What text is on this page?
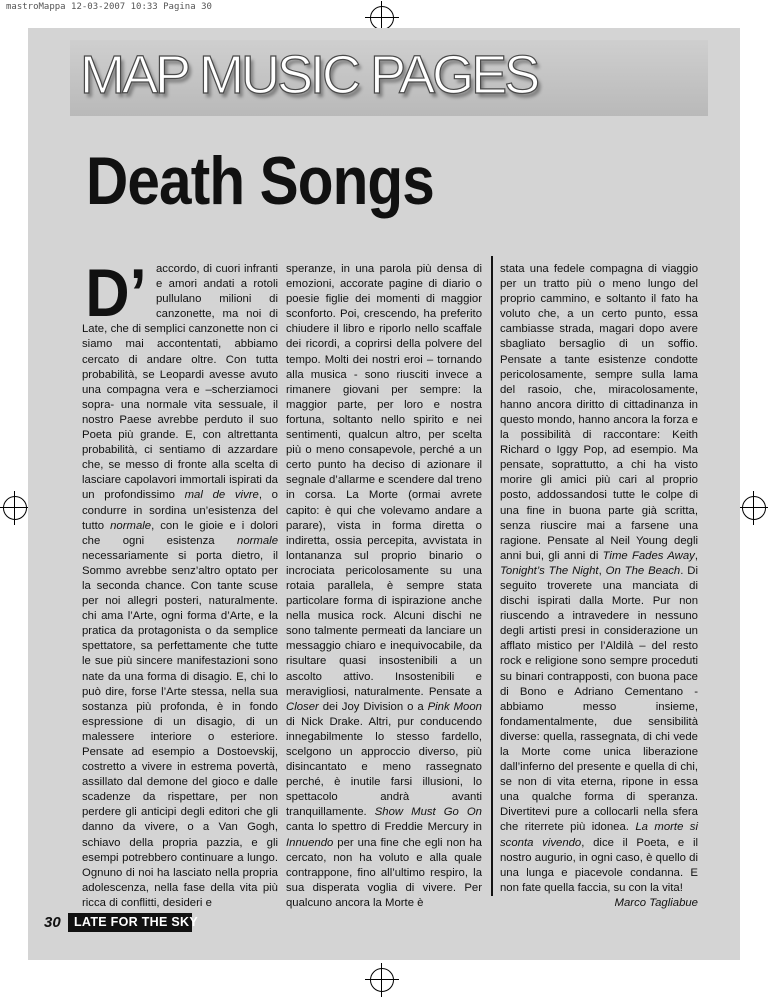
mastroMappa 12-03-2007 10:33 Pagina 30
MAP MUSIC PAGES
Death Songs

D’ accordo, di cuori infranti e amori andati a rotoli pullulano milioni di canzonette, ma noi di Late, che di semplici canzonette non ci siamo mai accontentati, abbiamo cercato di andare oltre. Con tutta probabilità, se Leopardi avesse avuto una compagna vera e –scherziamoci sopra- una normale vita sessuale, il nostro Paese avrebbe perduto il suo Poeta più grande. E, con altrettanta probabilità, ci sentiamo di azzardare che, se messo di fronte alla scelta di lasciare capolavori immortali ispirati da un profondissimo mal de vivre, o condurre in sordina un’esistenza del tutto normale, con le gioie e i dolori che ogni esistenza normale necessariamente si porta dietro, il Sommo avrebbe senz’altro optato per la seconda chance. Con tante scuse per noi allegri posteri, naturalmente. chi ama l’Arte, ogni forma d’Arte, e la pratica da protagonista o da semplice spettatore, sa perfettamente che tutte le sue più sincere manifestazioni sono nate da una forma di disagio. E, chi lo può dire, forse l’Arte stessa, nella sua sostanza più profonda, è in fondo espressione di un disagio, di un malessere interiore o esteriore. Pensate ad esempio a Dostoevskij, costretto a vivere in estrema povertà, assillato dal demone del gioco e dalle scadenze da rispettare, per non perdere gli anticipi degli editori che gli danno da vivere, o a Van Gogh, schiavo della propria pazzia, e gli esempi potrebbero continuare a lungo. Ognuno di noi ha lasciato nella propria adolescenza, nella fase della vita più ricca di conflitti, desideri e

speranze, in una parola più densa di emozioni, accorate pagine di diario o poesie figlie dei momenti di maggior sconforto. Poi, crescendo, ha preferito chiudere il libro e riporlo nello scaffale dei ricordi, a coprirsi della polvere del tempo. Molti dei nostri eroi – tornando alla musica - sono riusciti invece a rimanere giovani per sempre: la maggior parte, per loro e nostra fortuna, soltanto nello spirito e nei sentimenti, qualcun altro, per scelta più o meno consapevole, perché a un certo punto ha deciso di azionare il segnale d’allarme e scendere dal treno in corsa. La Morte (ormai avrete capito: è qui che volevamo andare a parare), vista in forma diretta o indiretta, ossia percepita, avvistata in lontananza sul proprio binario o incrociata pericolosamente su una rotaia parallela, è sempre stata particolare forma di ispirazione anche nella musica rock. Alcuni dischi ne sono talmente permeati da lanciare un messaggio chiaro e inequivocabile, da risultare quasi insostenibili a un ascolto attivo. Insostenibili e meravigliosi, naturalmente. Pensate a Closer dei Joy Division o a Pink Moon di Nick Drake. Altri, pur conducendo innegabilmente lo stesso fardello, scelgono un approccio diverso, più disincantato e meno rassegnato perché, è inutile farsi illusioni, lo spettacolo andrà avanti tranquillamente. Show Must Go On canta lo spettro di Freddie Mercury in Innuendo per una fine che egli non ha cercato, non ha voluto e alla quale contrappone, fino all’ultimo respiro, la sua disperata voglia di vivere. Per qualcuno ancora la Morte è

stata una fedele compagna di viaggio per un tratto più o meno lungo del proprio cammino, e soltanto il fato ha voluto che, a un certo punto, essa cambiasse strada, magari dopo avere sbagliato bersaglio di un soffio. Pensate a tante esistenze condotte pericolosamente, sempre sulla lama del rasoio, che, miracolosamente, hanno ancora diritto di cittadinanza in questo mondo, hanno ancora la forza e la possibilità di raccontare: Keith Richard o Iggy Pop, ad esempio. Ma pensate, soprattutto, a chi ha visto morire gli amici più cari al proprio posto, addossandosi tutte le colpe di una fine in buona parte già scritta, senza riuscire mai a farsene una ragione. Pensate al Neil Young degli anni bui, gli anni di Time Fades Away, Tonight’s The Night, On The Beach. Di seguito troverete una manciata di dischi ispirati dalla Morte. Pur non riuscendo a intravedere in nessuno degli artisti presi in considerazione un afflato mistico per l’Aldilà – del resto rock e religione sono sempre proceduti su binari contrapposti, con buona pace di Bono e Adriano Cementano - abbiamo messo insieme, fondamentalmente, due sensibilità diverse: quella, rassegnata, di chi vede la Morte come unica liberazione dall’inferno del presente e quella di chi, se non di vita eterna, ripone in essa una qualche forma di speranza. Divertitevi pure a collocarli nella sfera che riterrete più idonea. La morte si sconta vivendo, dice il Poeta, e il nostro augurio, in ogni caso, è quello di una lunga e piacevole condanna. E non fate quella faccia, su con la vita!

Marco Tagliabue

30 LATE FOR THE SKY
